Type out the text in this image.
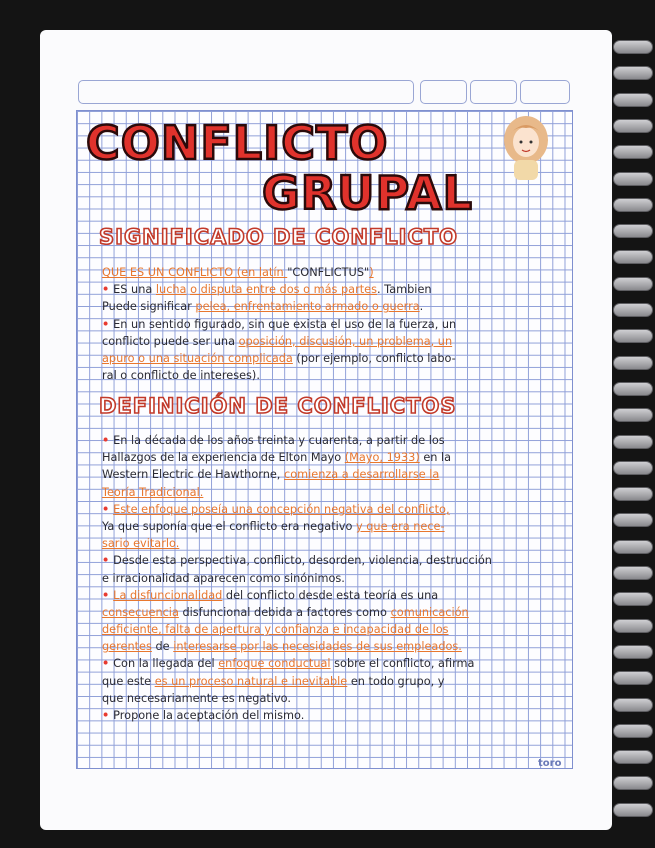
CONFLICTO
GRUPAL
SIGNIFICADO DE CONFLICTO
QUE ES UN CONFLICTO (en latín "CONFLICTUS")
• ES una lucha o disputa entre dos o más partes. Tambien
Puede significar pelea, enfrentamiento armado o guerra.
• En un sentido figurado, sin que exista el uso de la fuerza, un
conflicto puede ser una oposición, discusión, un problema, un
apuro o una situación complicada (por ejemplo, conflicto labo-
ral o conflicto de intereses).
DEFINICIÓN DE CONFLICTOS
• En la década de los años treinta y cuarenta, a partir de los
Hallazgos de la experiencia de Elton Mayo (Mayo, 1933) en la
Western Electric de Hawthorne, comienza a desarrollarse la
Teoría Tradicional.
• Este enfoque poseía una concepción negativa del conflicto,
Ya que suponía que el conflicto era negativo y que era nece-
sario evitarlo.
• Desde esta perspectiva, conflicto, desorden, violencia, destrucción
e irracionalidad aparecen como sinónimos.
• La disfuncionalidad del conflicto desde esta teoría es una
consecuencia disfuncional debida a factores como comunicación
deficiente, falta de apertura y confianza e incapacidad de los
gerentes de interesarse por las necesidades de sus empleados.
• Con la llegada del enfoque conductual sobre el conflicto, afirma
que este es un proceso natural e inevitable en todo grupo, y
que necesariamente es negativo.
• Propone la aceptación del mismo.
toro
